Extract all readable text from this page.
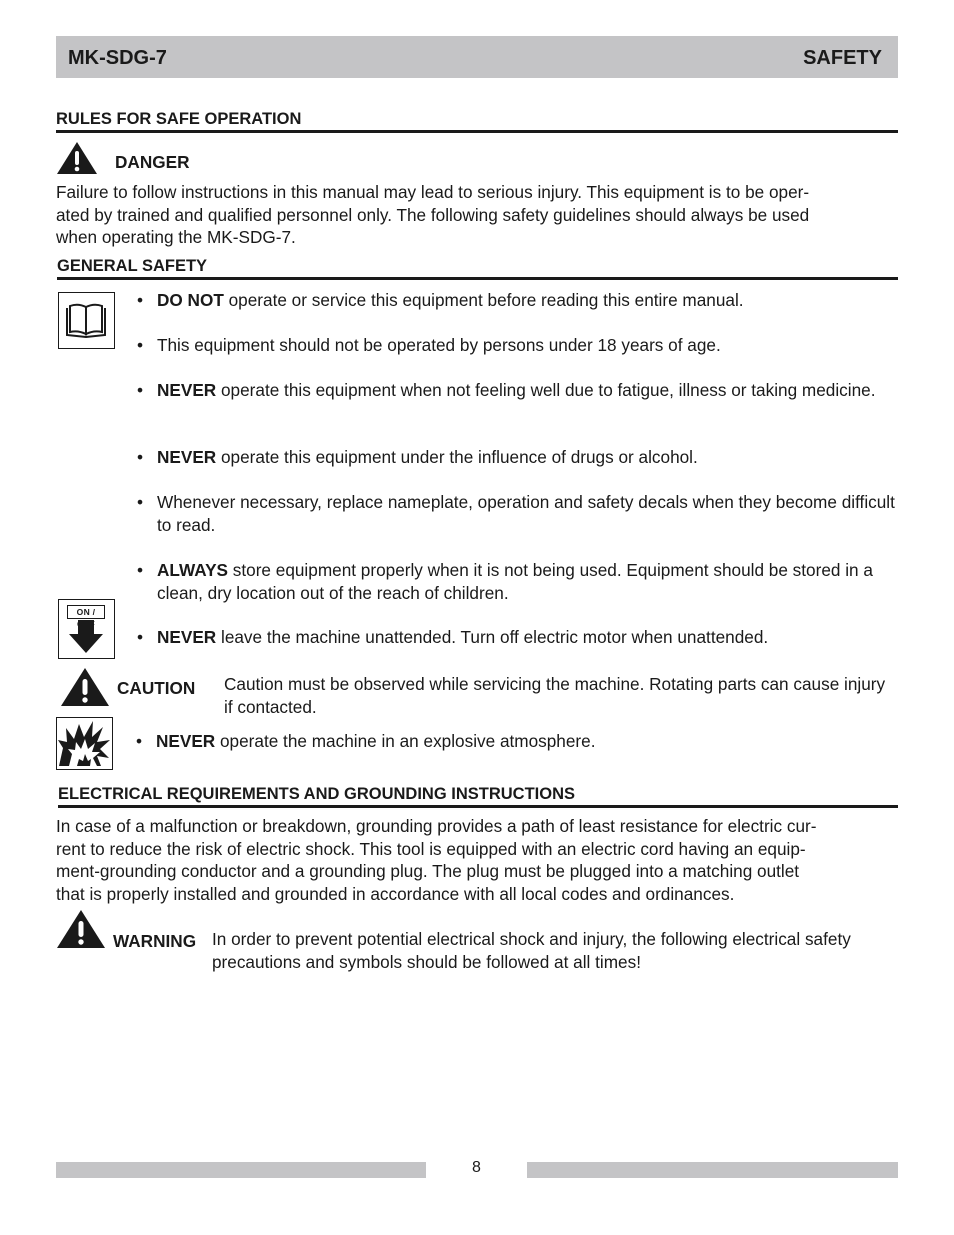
MK-SDG-7	SAFETY
RULES FOR SAFE OPERATION
DANGER
Failure to follow instructions in this manual may lead to serious injury. This equipment is to be oper-
ated by trained and qualified personnel only. The following safety guidelines should always be used
when operating the MK-SDG-7.
GENERAL SAFETY
• DO NOT operate or service this equipment before reading this entire manual.
• This equipment should not be operated by persons under 18 years of age.
• NEVER operate this equipment when not feeling well due to fatigue, illness or taking medicine.
• NEVER operate this equipment under the influence of drugs or alcohol.
• Whenever necessary, replace nameplate, operation and safety decals when they become difficult to read.
• ALWAYS store equipment properly when it is not being used. Equipment should be stored in a clean, dry location out of the reach of children.
ON /
• NEVER leave the machine unattended. Turn off electric motor when unattended.
CAUTION Caution must be observed while servicing the machine. Rotating parts can cause injury if contacted.
• NEVER operate the machine in an explosive atmosphere.
ELECTRICAL REQUIREMENTS AND GROUNDING INSTRUCTIONS
In case of a malfunction or breakdown, grounding provides a path of least resistance for electric cur-
rent to reduce the risk of electric shock. This tool is equipped with an electric cord having an equip-
ment-grounding conductor and a grounding plug. The plug must be plugged into a matching outlet
that is properly installed and grounded in accordance with all local codes and ordinances.
WARNING In order to prevent potential electrical shock and injury, the following electrical safety precautions and symbols should be followed at all times!
8
